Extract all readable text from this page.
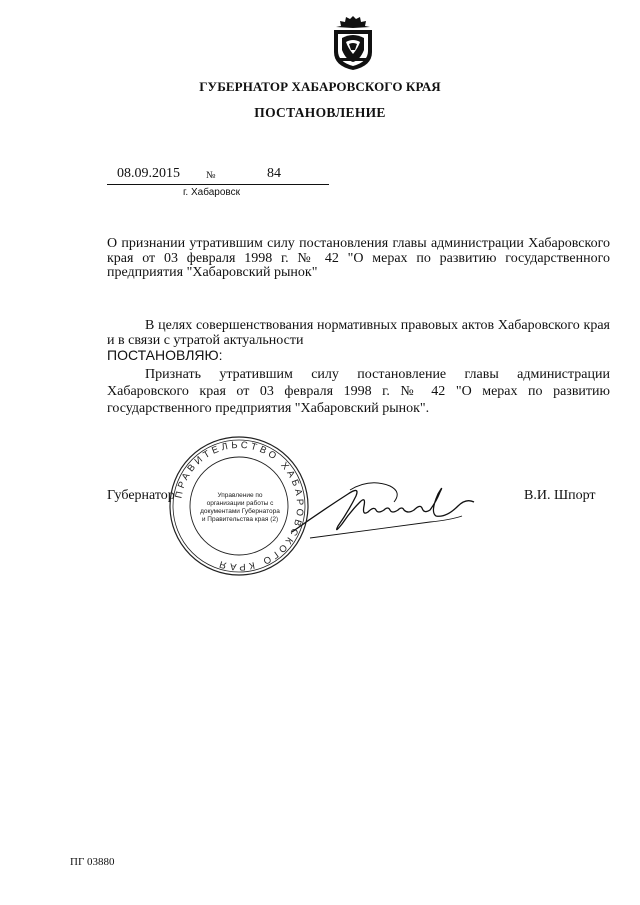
ГУБЕРНАТОР ХАБАРОВСКОГО КРАЯ
ПОСТАНОВЛЕНИЕ
08.09.2015	№	84
г. Хабаровск
О признании утратившим силу постановления главы администрации Хабаровского края от 03 февраля 1998 г. № 42 "О мерах по развитию государственного предприятия "Хабаровский рынок"
В целях совершенствования нормативных правовых актов Хабаровского края и в связи с утратой актуальности
ПОСТАНОВЛЯЮ:
Признать утратившим силу постановление главы администрации Хабаровского края от 03 февраля 1998 г. № 42 "О мерах по развитию государственного предприятия "Хабаровский рынок".
Губернатор
ПРАВИТЕЛЬСТВО ХАБАРОВСКОГО КРАЯ
Управление по организации работы с документами Губернатора и Правительства края (2)
В.И. Шпорт
ПГ 03880
